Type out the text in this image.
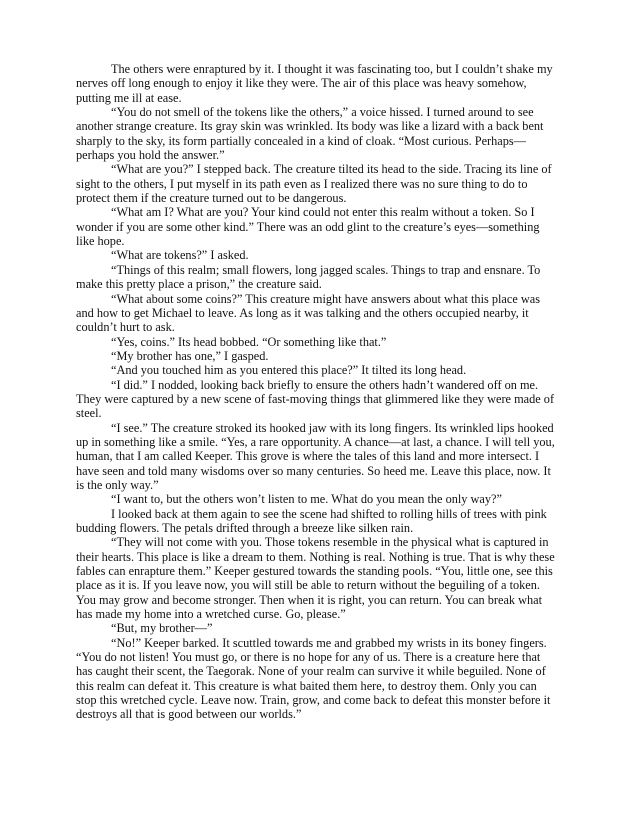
The others were enraptured by it. I thought it was fascinating too, but I couldn’t shake my nerves off long enough to enjoy it like they were. The air of this place was heavy somehow, putting me ill at ease.

“You do not smell of the tokens like the others,” a voice hissed. I turned around to see another strange creature. Its gray skin was wrinkled. Its body was like a lizard with a back bent sharply to the sky, its form partially concealed in a kind of cloak. “Most curious. Perhaps—perhaps you hold the answer.”

“What are you?” I stepped back. The creature tilted its head to the side. Tracing its line of sight to the others, I put myself in its path even as I realized there was no sure thing to do to protect them if the creature turned out to be dangerous.

“What am I? What are you? Your kind could not enter this realm without a token. So I wonder if you are some other kind.” There was an odd glint to the creature’s eyes—something like hope.

“What are tokens?” I asked.

“Things of this realm; small flowers, long jagged scales. Things to trap and ensnare. To make this pretty place a prison,” the creature said.

“What about some coins?” This creature might have answers about what this place was and how to get Michael to leave. As long as it was talking and the others occupied nearby, it couldn’t hurt to ask.

“Yes, coins.” Its head bobbed. “Or something like that.”

“My brother has one,” I gasped.

“And you touched him as you entered this place?” It tilted its long head.

“I did.” I nodded, looking back briefly to ensure the others hadn’t wandered off on me. They were captured by a new scene of fast-moving things that glimmered like they were made of steel.

“I see.” The creature stroked its hooked jaw with its long fingers. Its wrinkled lips hooked up in something like a smile. “Yes, a rare opportunity. A chance—at last, a chance. I will tell you, human, that I am called Keeper. This grove is where the tales of this land and more intersect. I have seen and told many wisdoms over so many centuries. So heed me. Leave this place, now. It is the only way.”

“I want to, but the others won’t listen to me. What do you mean the only way?”

I looked back at them again to see the scene had shifted to rolling hills of trees with pink budding flowers. The petals drifted through a breeze like silken rain.

“They will not come with you. Those tokens resemble in the physical what is captured in their hearts. This place is like a dream to them. Nothing is real. Nothing is true. That is why these fables can enrapture them.” Keeper gestured towards the standing pools. “You, little one, see this place as it is. If you leave now, you will still be able to return without the beguiling of a token. You may grow and become stronger. Then when it is right, you can return. You can break what has made my home into a wretched curse. Go, please.”

“But, my brother—”

“No!” Keeper barked. It scuttled towards me and grabbed my wrists in its boney fingers. “You do not listen! You must go, or there is no hope for any of us. There is a creature here that has caught their scent, the Taegorak. None of your realm can survive it while beguiled. None of this realm can defeat it. This creature is what baited them here, to destroy them. Only you can stop this wretched cycle. Leave now. Train, grow, and come back to defeat this monster before it destroys all that is good between our worlds.”
